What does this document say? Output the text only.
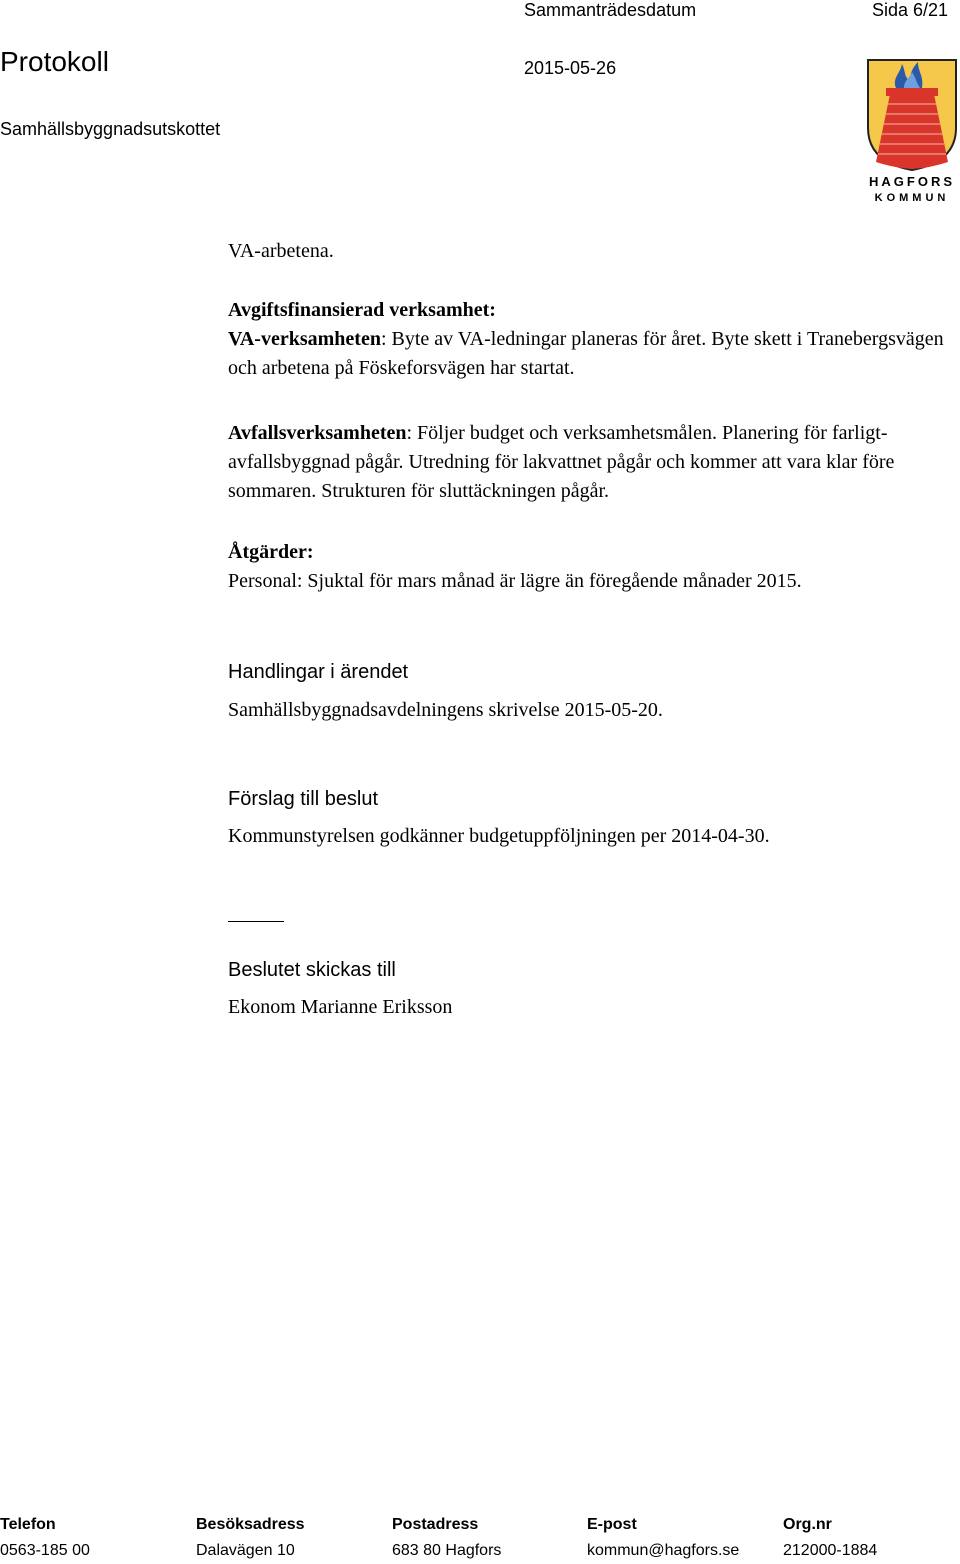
Sammanträdesdatum	Sida 6/21
Protokoll	2015-05-26
Samhällsbyggnadsutskottet
HAGFORS
KOMMUN
VA-arbetena.

Avgiftsfinansierad verksamhet:

VA-verksamheten: Byte av VA-ledningar planeras för året. Byte skett i Tranebergsvägen och arbetena på Föskeforsvägen har startat.

Avfallsverksamheten: Följer budget och verksamhetsmålen. Planering för farligt-avfallsbyggnad pågår. Utredning för lakvattnet pågår och kommer att vara klar före sommaren. Strukturen för sluttäckningen pågår.

Åtgärder:

Personal: Sjuktal för mars månad är lägre än föregående månader 2015.

Handlingar i ärendet
Samhällsbyggnadsavdelningens skrivelse 2015-05-20.
Förslag till beslut
Kommunstyrelsen godkänner budgetuppföljningen per 2014-04-30.
Beslutet skickas till
Ekonom Marianne Eriksson
Telefon
0563-185 00
Besöksadress
Dalavägen 10
Postadress
683 80 Hagfors
E-post
kommun@hagfors.se
Org.nr
212000-1884
